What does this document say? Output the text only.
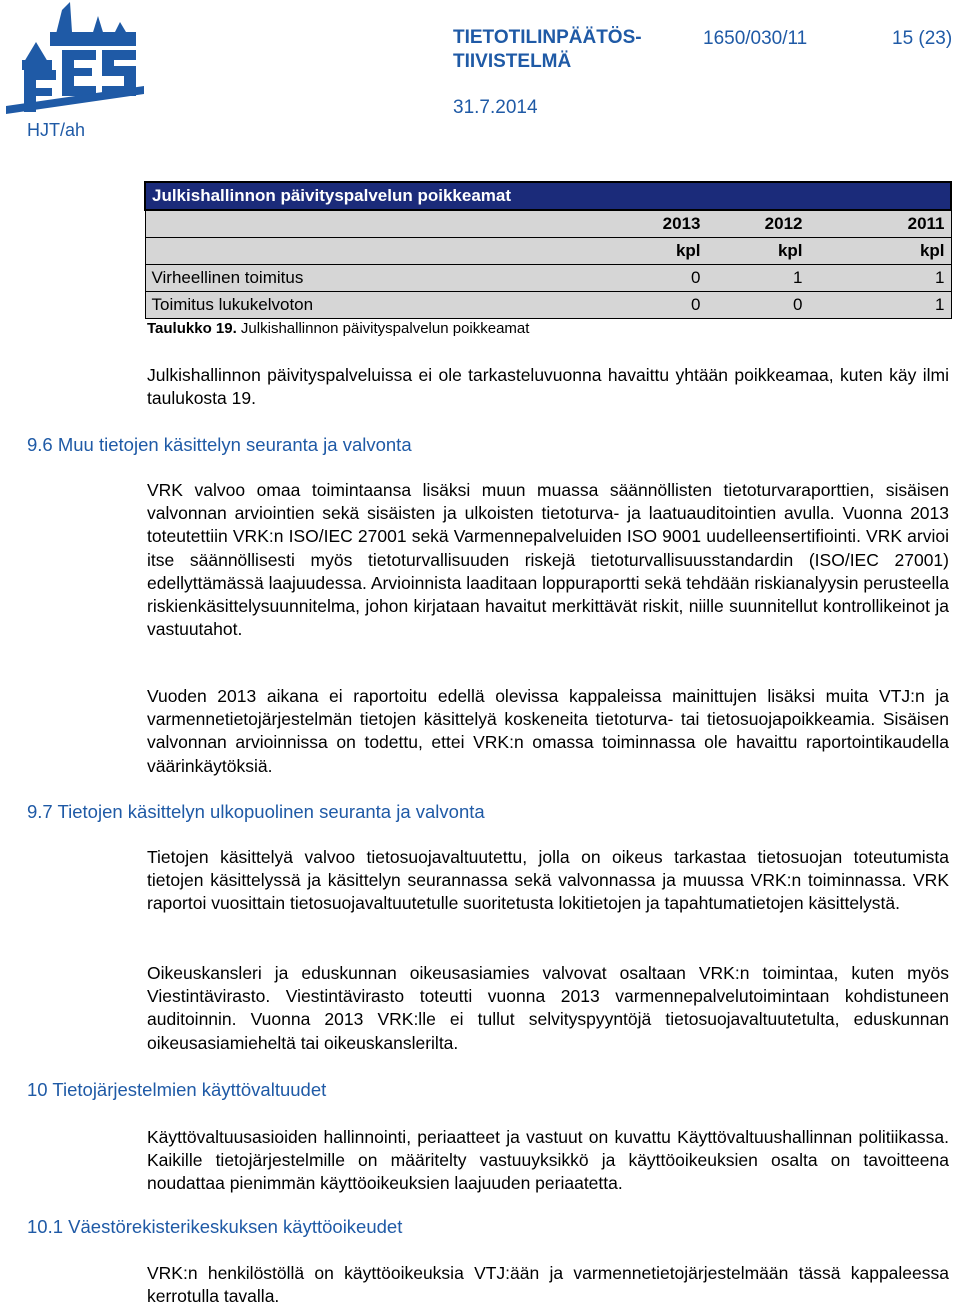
HJT/ah
TIETOTILINPÄÄTÖS-
TIIVISTELMÄ
1650/030/11	15 (23)
31.7.2014
Julkishallinnon päivityspalvelun poikkeamat			
	2013	2012	2011
	kpl	kpl	kpl
Virheellinen toimitus	0	1	1
Toimitus lukukelvoton	0	0	1
Taulukko 19. Julkishallinnon päivityspalvelun poikkeamat
Julkishallinnon päivityspalveluissa ei ole tarkasteluvuonna havaittu yhtään poikkeamaa, kuten käy ilmi taulukosta 19.
9.6 Muu tietojen käsittelyn seuranta ja valvonta
VRK valvoo omaa toimintaansa lisäksi muun muassa säännöllisten tietoturvaraporttien, sisäisen valvonnan arviointien sekä sisäisten ja ulkoisten tietoturva- ja laatuauditointien avulla. Vuonna 2013 toteutettiin VRK:n ISO/IEC 27001 sekä Varmennepalveluiden ISO 9001 uudelleensertifiointi. VRK arvioi itse säännöllisesti myös tietoturvallisuuden riskejä tietoturvallisuusstandardin (ISO/IEC 27001) edellyttämässä laajuudessa. Arvioinnista laaditaan loppuraportti sekä tehdään riskianalyysin perusteella riskienkäsittelysuunnitelma, johon kirjataan havaitut merkittävät riskit, niille suunnitellut kontrollikeinot ja vastuutahot.
Vuoden 2013 aikana ei raportoitu edellä olevissa kappaleissa mainittujen lisäksi muita VTJ:n ja varmennetietojärjestelmän tietojen käsittelyä koskeneita tietoturva- tai tietosuojapoikkeamia. Sisäisen valvonnan arvioinnissa on todettu, ettei VRK:n omassa toiminnassa ole havaittu raportointikaudella väärinkäytöksiä.
9.7 Tietojen käsittelyn ulkopuolinen seuranta ja valvonta
Tietojen käsittelyä valvoo tietosuojavaltuutettu, jolla on oikeus tarkastaa tietosuojan toteutumista tietojen käsittelyssä ja käsittelyn seurannassa sekä valvonnassa ja muussa VRK:n toiminnassa. VRK raportoi vuosittain tietosuojavaltuutetulle suoritetusta lokitietojen ja tapahtumatietojen käsittelystä.
Oikeuskansleri ja eduskunnan oikeusasiamies valvovat osaltaan VRK:n toimintaa, kuten myös Viestintävirasto. Viestintävirasto toteutti vuonna 2013 varmennepalvelutoimintaan kohdistuneen auditoinnin. Vuonna 2013 VRK:lle ei tullut selvityspyyntöjä tietosuojavaltuutetulta, eduskunnan oikeusasiamieheltä tai oikeuskanslerilta.
10 Tietojärjestelmien käyttövaltuudet
Käyttövaltuusasioiden hallinnointi, periaatteet ja vastuut on kuvattu Käyttövaltuushallinnan politiikassa. Kaikille tietojärjestelmille on määritelty vastuuyksikkö ja käyttöoikeuksien osalta on tavoitteena noudattaa pienimmän käyttöoikeuksien laajuuden periaatetta.
10.1 Väestörekisterikeskuksen käyttöoikeudet
VRK:n henkilöstöllä on käyttöoikeuksia VTJ:ään ja varmennetietojärjestelmään tässä kappaleessa kerrotulla tavalla.
